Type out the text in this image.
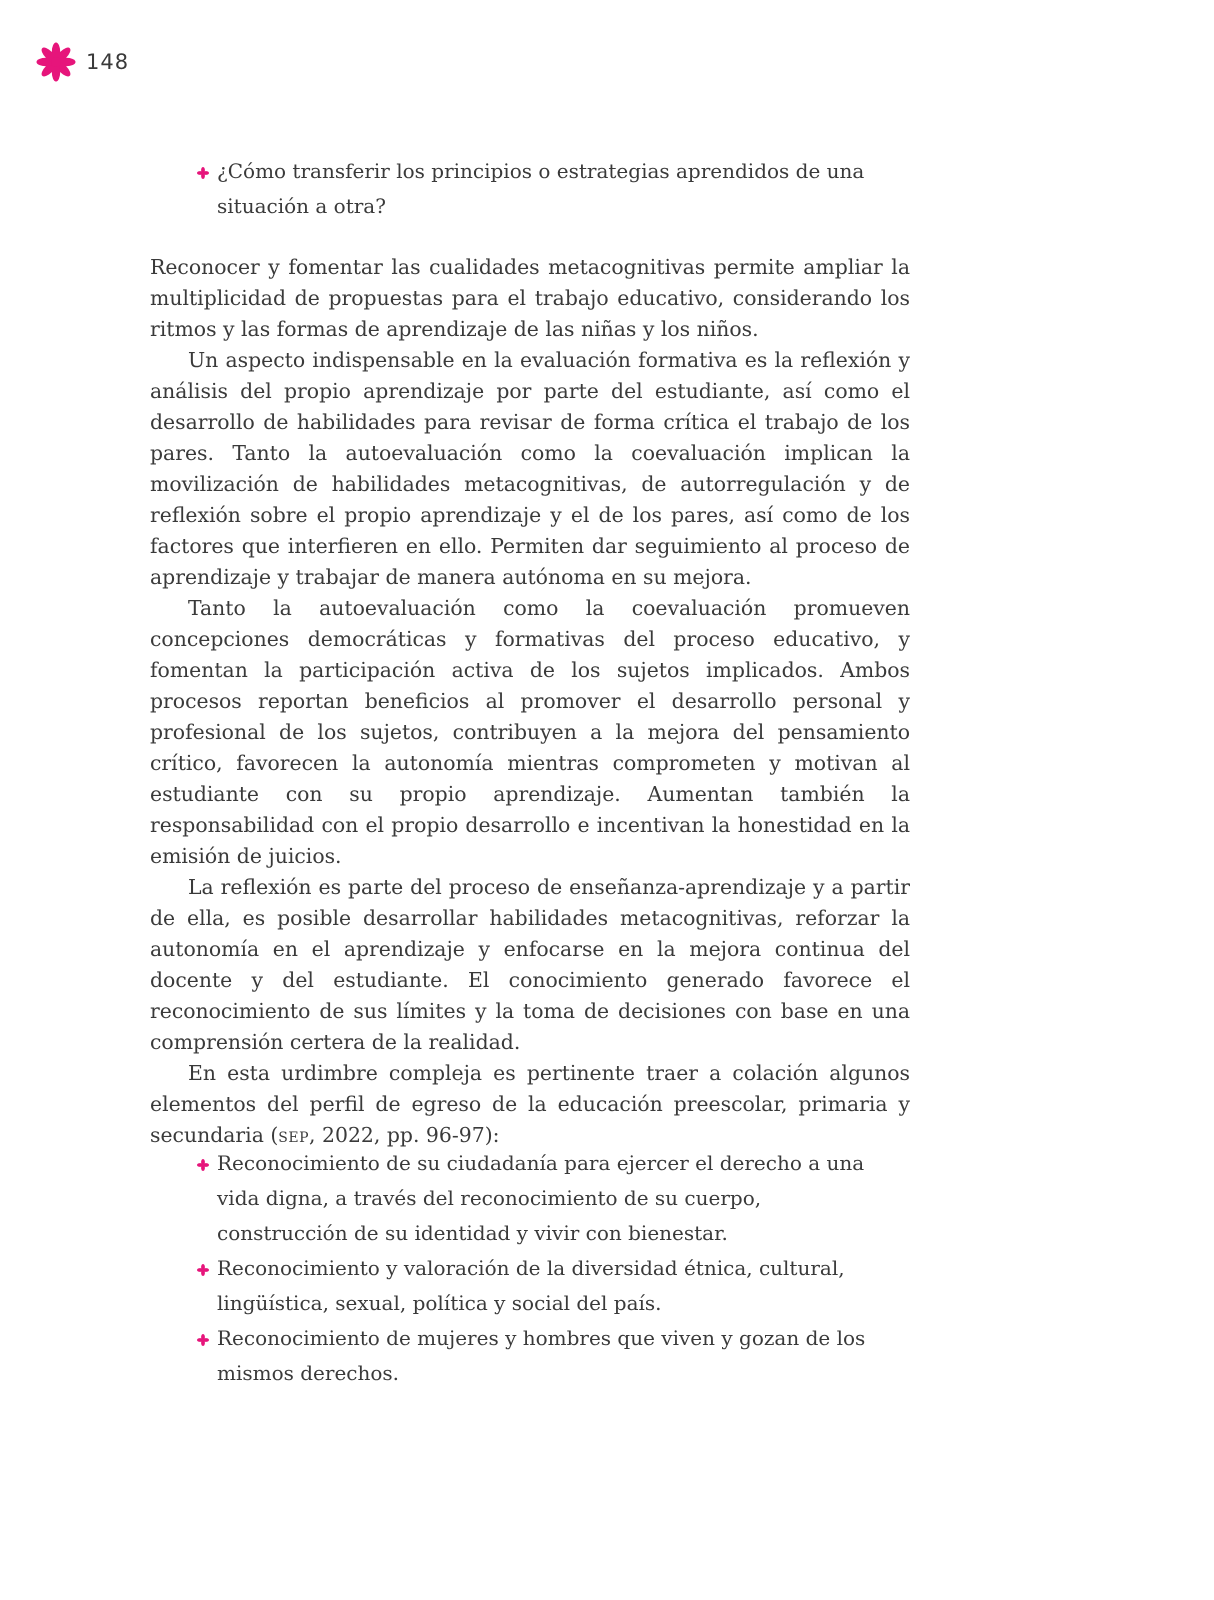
148
¿Cómo transferir los principios o estrategias aprendidos de una situación a otra?

Reconocer y fomentar las cualidades metacognitivas permite ampliar la multiplicidad de propuestas para el trabajo educativo, considerando los ritmos y las formas de aprendizaje de las niñas y los niños.

Un aspecto indispensable en la evaluación formativa es la reflexión y análisis del propio aprendizaje por parte del estudiante, así como el desarrollo de habilidades para revisar de forma crítica el trabajo de los pares. Tanto la autoevaluación como la coevaluación implican la movilización de habilidades metacognitivas, de autorregulación y de reflexión sobre el propio aprendizaje y el de los pares, así como de los factores que interfieren en ello. Permiten dar seguimiento al proceso de aprendizaje y trabajar de manera autónoma en su mejora.

Tanto la autoevaluación como la coevaluación promueven concepciones democráticas y formativas del proceso educativo, y fomentan la participación activa de los sujetos implicados. Ambos procesos reportan beneficios al promover el desarrollo personal y profesional de los sujetos, contribuyen a la mejora del pensamiento crítico, favorecen la autonomía mientras comprometen y motivan al estudiante con su propio aprendizaje. Aumentan también la responsabilidad con el propio desarrollo e incentivan la honestidad en la emisión de juicios.

La reflexión es parte del proceso de enseñanza-aprendizaje y a partir de ella, es posible desarrollar habilidades metacognitivas, reforzar la autonomía en el aprendizaje y enfocarse en la mejora continua del docente y del estudiante. El conocimiento generado favorece el reconocimiento de sus límites y la toma de decisiones con base en una comprensión certera de la realidad.

En esta urdimbre compleja es pertinente traer a colación algunos elementos del perfil de egreso de la educación preescolar, primaria y secundaria (sep, 2022, pp. 96-97):

Reconocimiento de su ciudadanía para ejercer el derecho a una vida digna, a través del reconocimiento de su cuerpo, construcción de su identidad y vivir con bienestar.
Reconocimiento y valoración de la diversidad étnica, cultural, lingüística, sexual, política y social del país.
Reconocimiento de mujeres y hombres que viven y gozan de los mismos derechos.
